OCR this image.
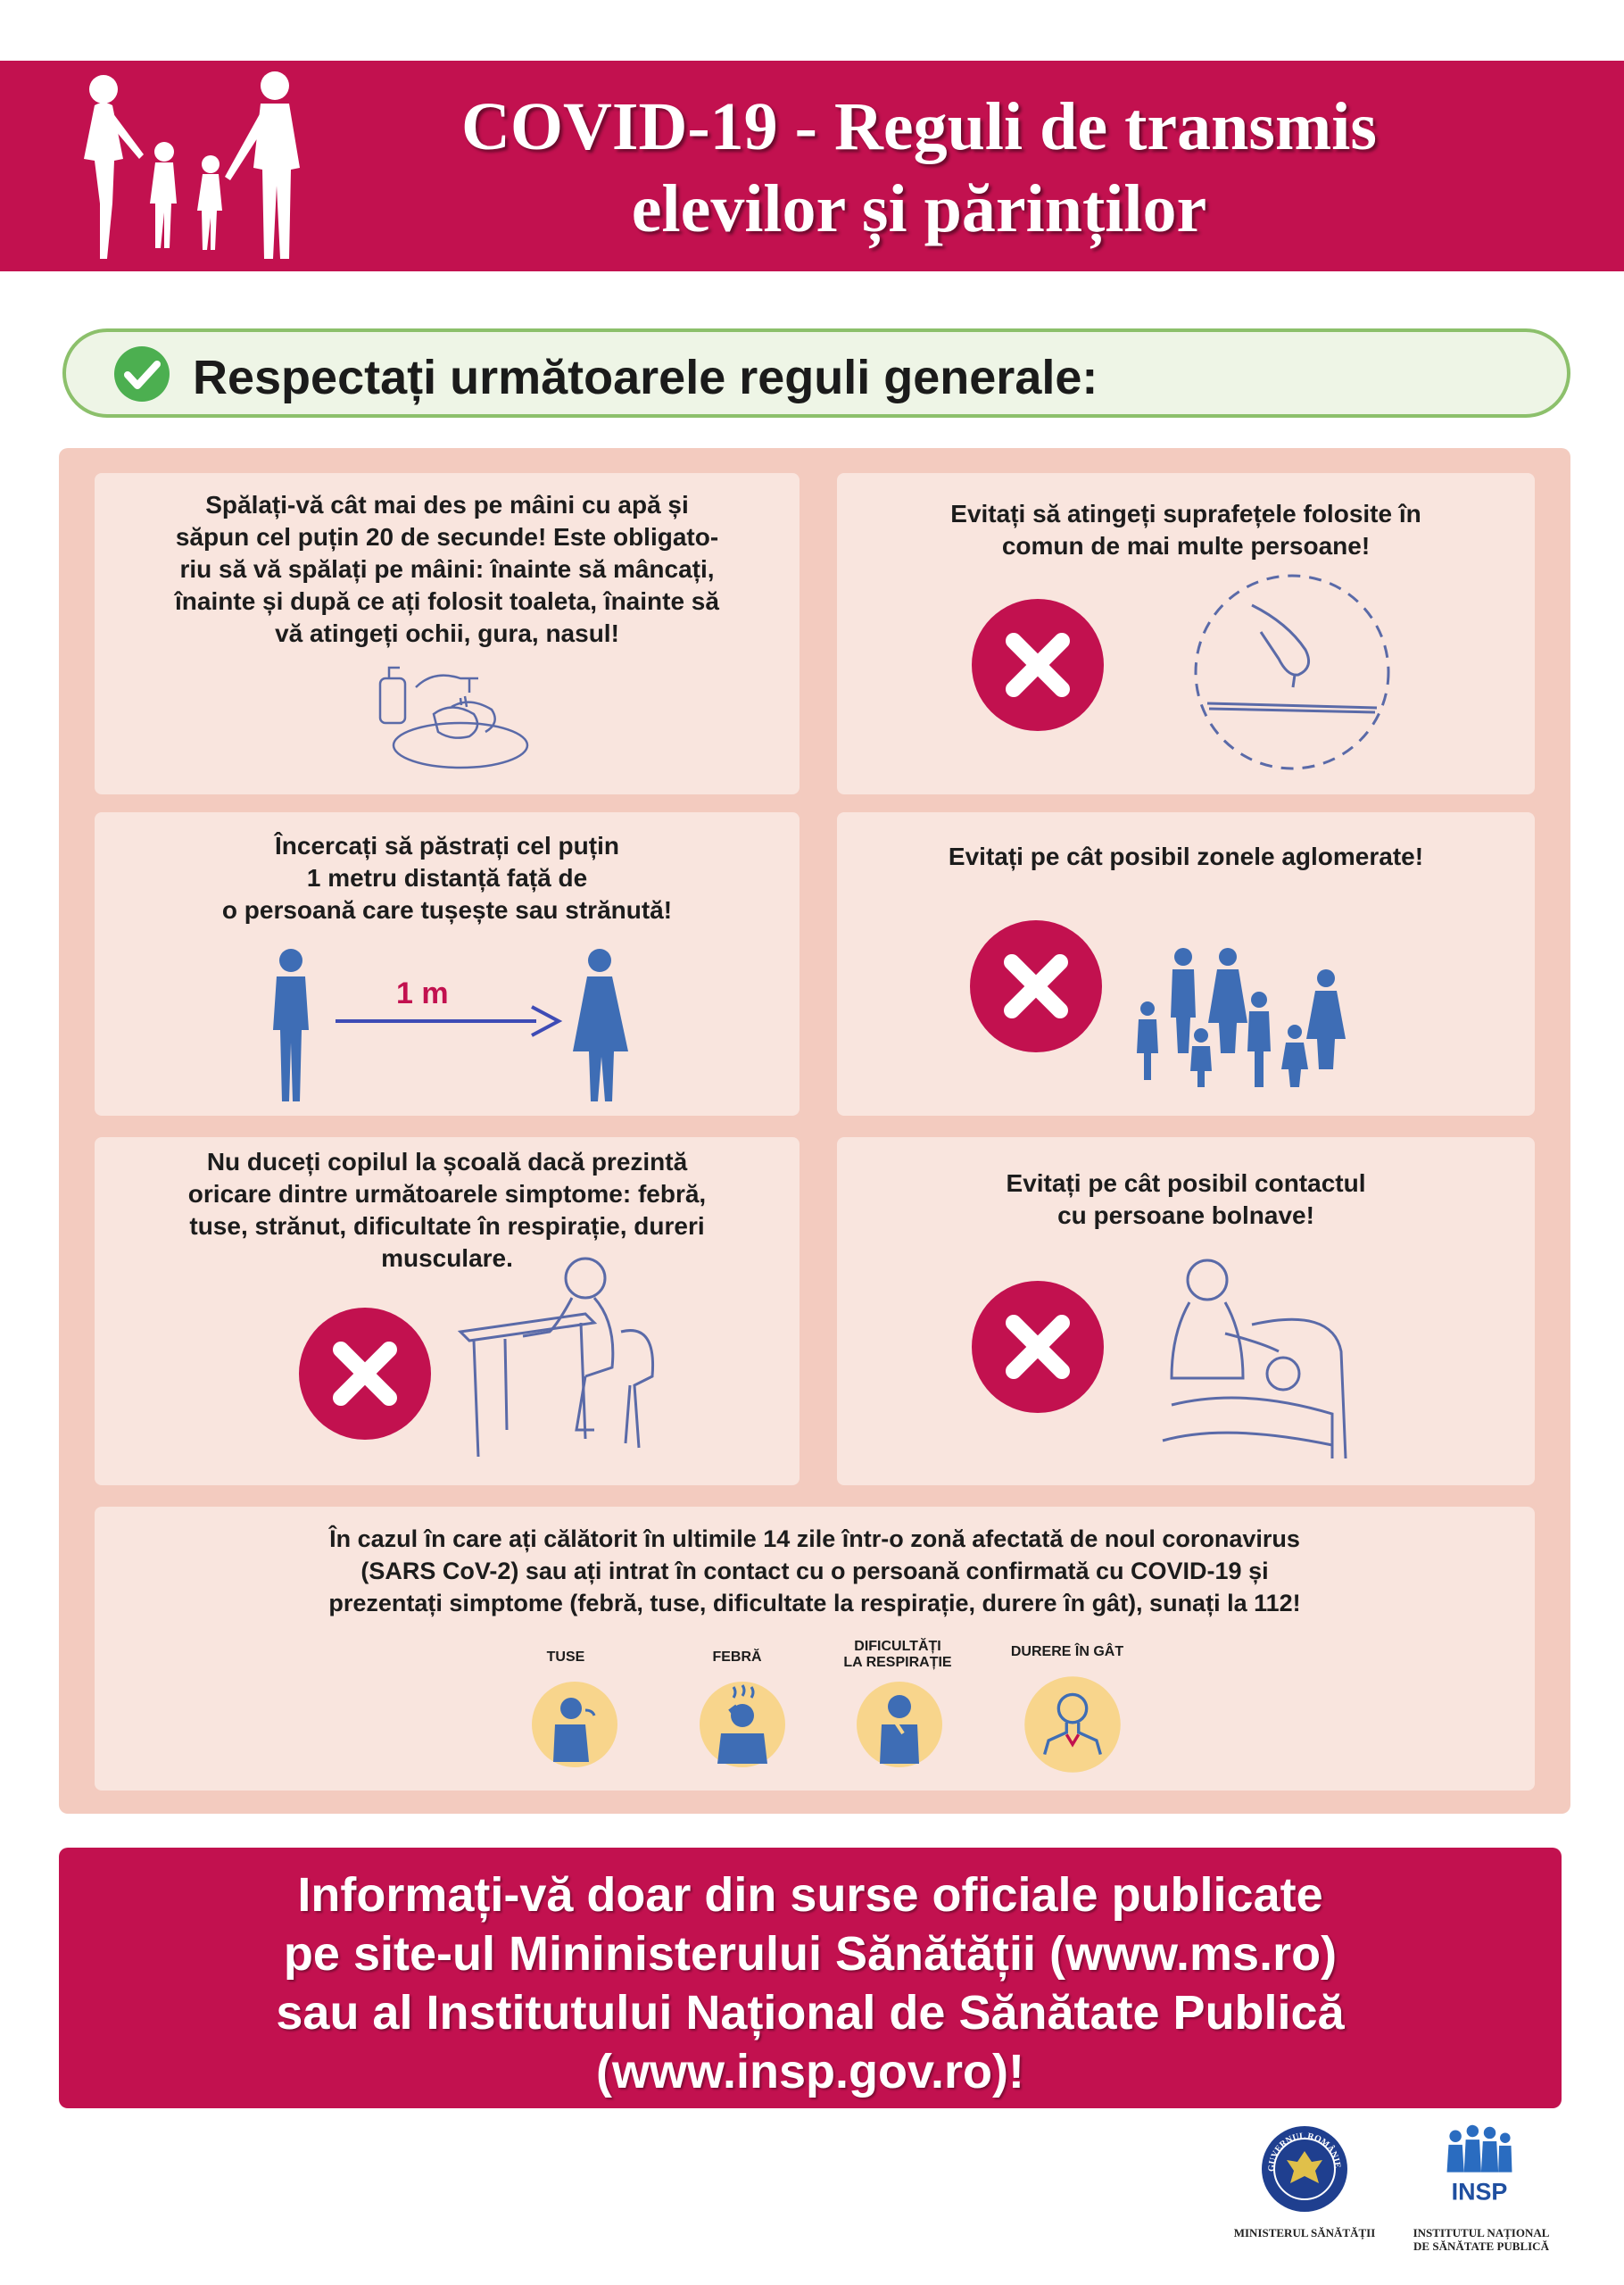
COVID-19 - Reguli de transmis
elevilor și părinților
Respectați următoarele reguli generale:
Spălați-vă cât mai des pe mâini cu apă și
săpun cel puțin 20 de secunde! Este obligato-
riu să vă spălați pe mâini: înainte să mâncați,
înainte și după ce ați folosit toaleta, înainte să
vă atingeți ochii, gura, nasul!
Evitați să atingeți suprafețele folosite în
comun de mai multe persoane!
Încercați să păstrați cel puțin
1 metru distanță față de
o persoană care tușește sau strănută!
1 m
Evitați pe cât posibil zonele aglomerate!
Nu duceți copilul la școală dacă prezintă
oricare dintre următoarele simptome: febră,
tuse, strănut, dificultate în respirație, dureri
musculare.
Evitați pe cât posibil contactul
cu persoane bolnave!
În cazul în care ați călătorit în ultimile 14 zile într-o zonă afectată de noul coronavirus
(SARS CoV-2) sau ați intrat în contact cu o persoană confirmată cu COVID-19 și
prezentați simptome (febră, tuse, dificultate la respirație, durere în gât), sunați la 112!
TUSE	FEBRĂ
DIFICULTĂȚI
LA RESPIRAȚIE
DURERE ÎN GÂT
Informați-vă doar din surse oficiale publicate
pe site-ul Mininisterului Sănătății (www.ms.ro)
sau al Institutului Național de Sănătate Publică
(www.insp.gov.ro)!
GUVERNUL ROMÂNIE
MINISTERUL SĂNĂTĂȚII
INSP
INSTITUTUL NAȚIONAL
DE SĂNĂTATE PUBLICĂ
